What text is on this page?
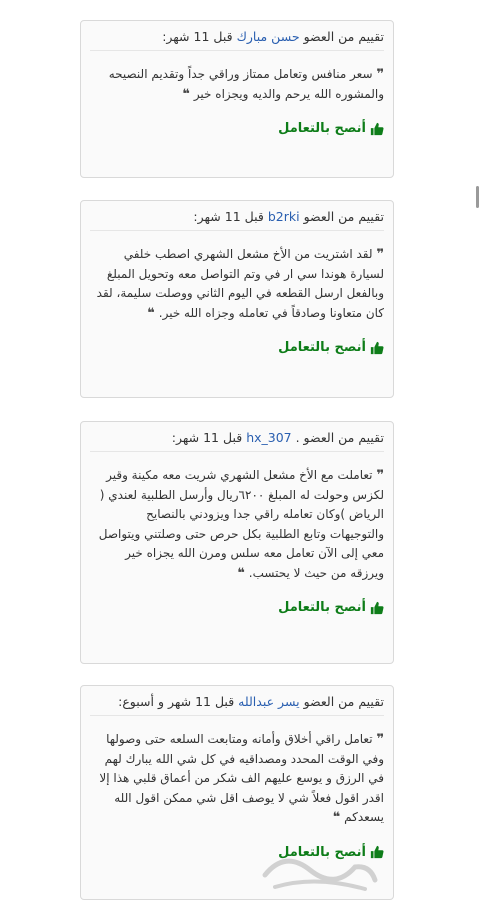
تقييم من العضو حسن مبارك قبل 11 شهر:
❞ سعر منافس وتعامل ممتاز وراقي جداً وتقديم النصيحه والمشوره الله يرحم والديه ويجزاه خير ❝
أنصح بالتعامل
تقييم من العضو b2rki قبل 11 شهر:
❞ لقد اشتريت من الأخ مشعل الشهري اصطب خلفي لسيارة هوندا سي ار في وتم التواصل معه وتحويل المبلغ وبالفعل ارسل القطعه في اليوم الثاني ووصلت سليمة، لقد كان متعاونا وصادقاً في تعامله وجزاه الله خير. ❝
أنصح بالتعامل
تقييم من العضو . hx_307 قبل 11 شهر:
❞ تعاملت مع الأخ مشعل الشهري شريت معه مكينة وقير لكزس وحولت له المبلغ ٦٢٠٠ريال وأرسل الطلبية لعندي ( الرياض )وكان تعامله راقي جدا ويزودني بالنصايح والتوجيهات وتابع الطلبية بكل حرص حتى وصلتني ويتواصل معي إلى الآن تعامل معه سلس ومرن الله يجزاه خير ويرزقه من حيث لا يحتسب. ❝
أنصح بالتعامل
تقييم من العضو يسر عبدالله قبل 11 شهر و أسبوع:
❞ تعامل راقي أخلاق وأمانه ومتابعت السلعه حتى وصولها وفي الوقت المحدد ومصداقيه في كل شي الله يبارك لهم في الرزق و يوسع عليهم الف شكر من أعماق قلبي هذا إلا اقدر اقول فعلاً شي لا يوصف اقل شي ممكن اقول الله يسعدكم ❝
أنصح بالتعامل
